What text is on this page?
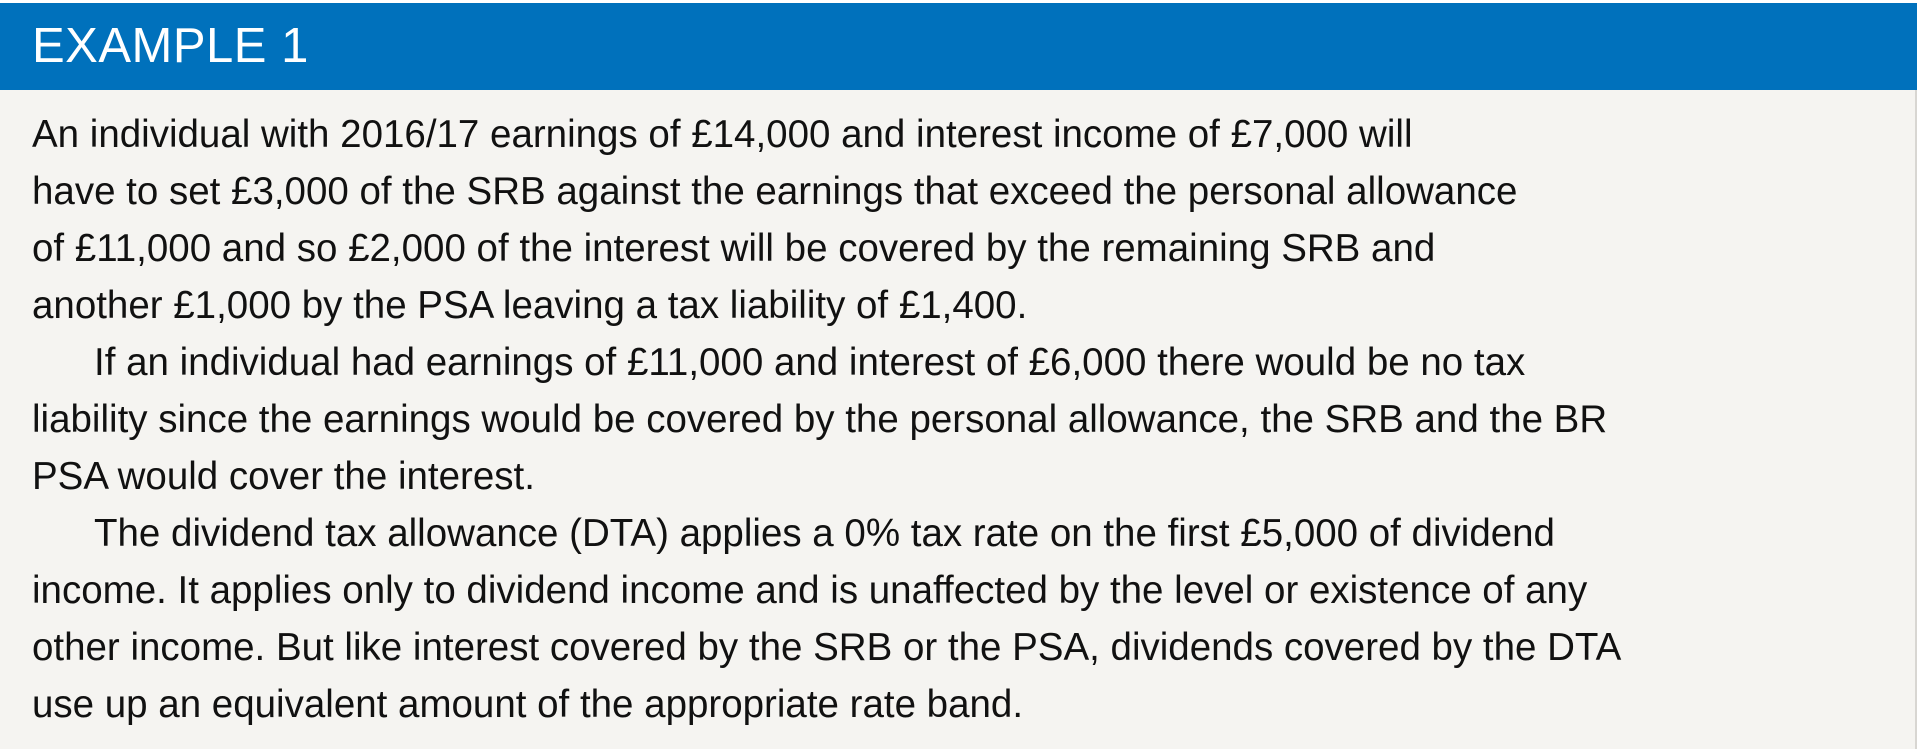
EXAMPLE 1

An individual with 2016/17 earnings of £14,000 and interest income of £7,000 will

have to set £3,000 of the SRB against the earnings that exceed the personal allowance

of £11,000 and so £2,000 of the interest will be covered by the remaining SRB and

another £1,000 by the PSA leaving a tax liability of £1,400.

If an individual had earnings of £11,000 and interest of £6,000 there would be no tax

liability since the earnings would be covered by the personal allowance, the SRB and the BR

PSA would cover the interest.

The dividend tax allowance (DTA) applies a 0% tax rate on the first £5,000 of dividend

income. It applies only to dividend income and is unaffected by the level or existence of any

other income. But like interest covered by the SRB or the PSA, dividends covered by the DTA

use up an equivalent amount of the appropriate rate band.
